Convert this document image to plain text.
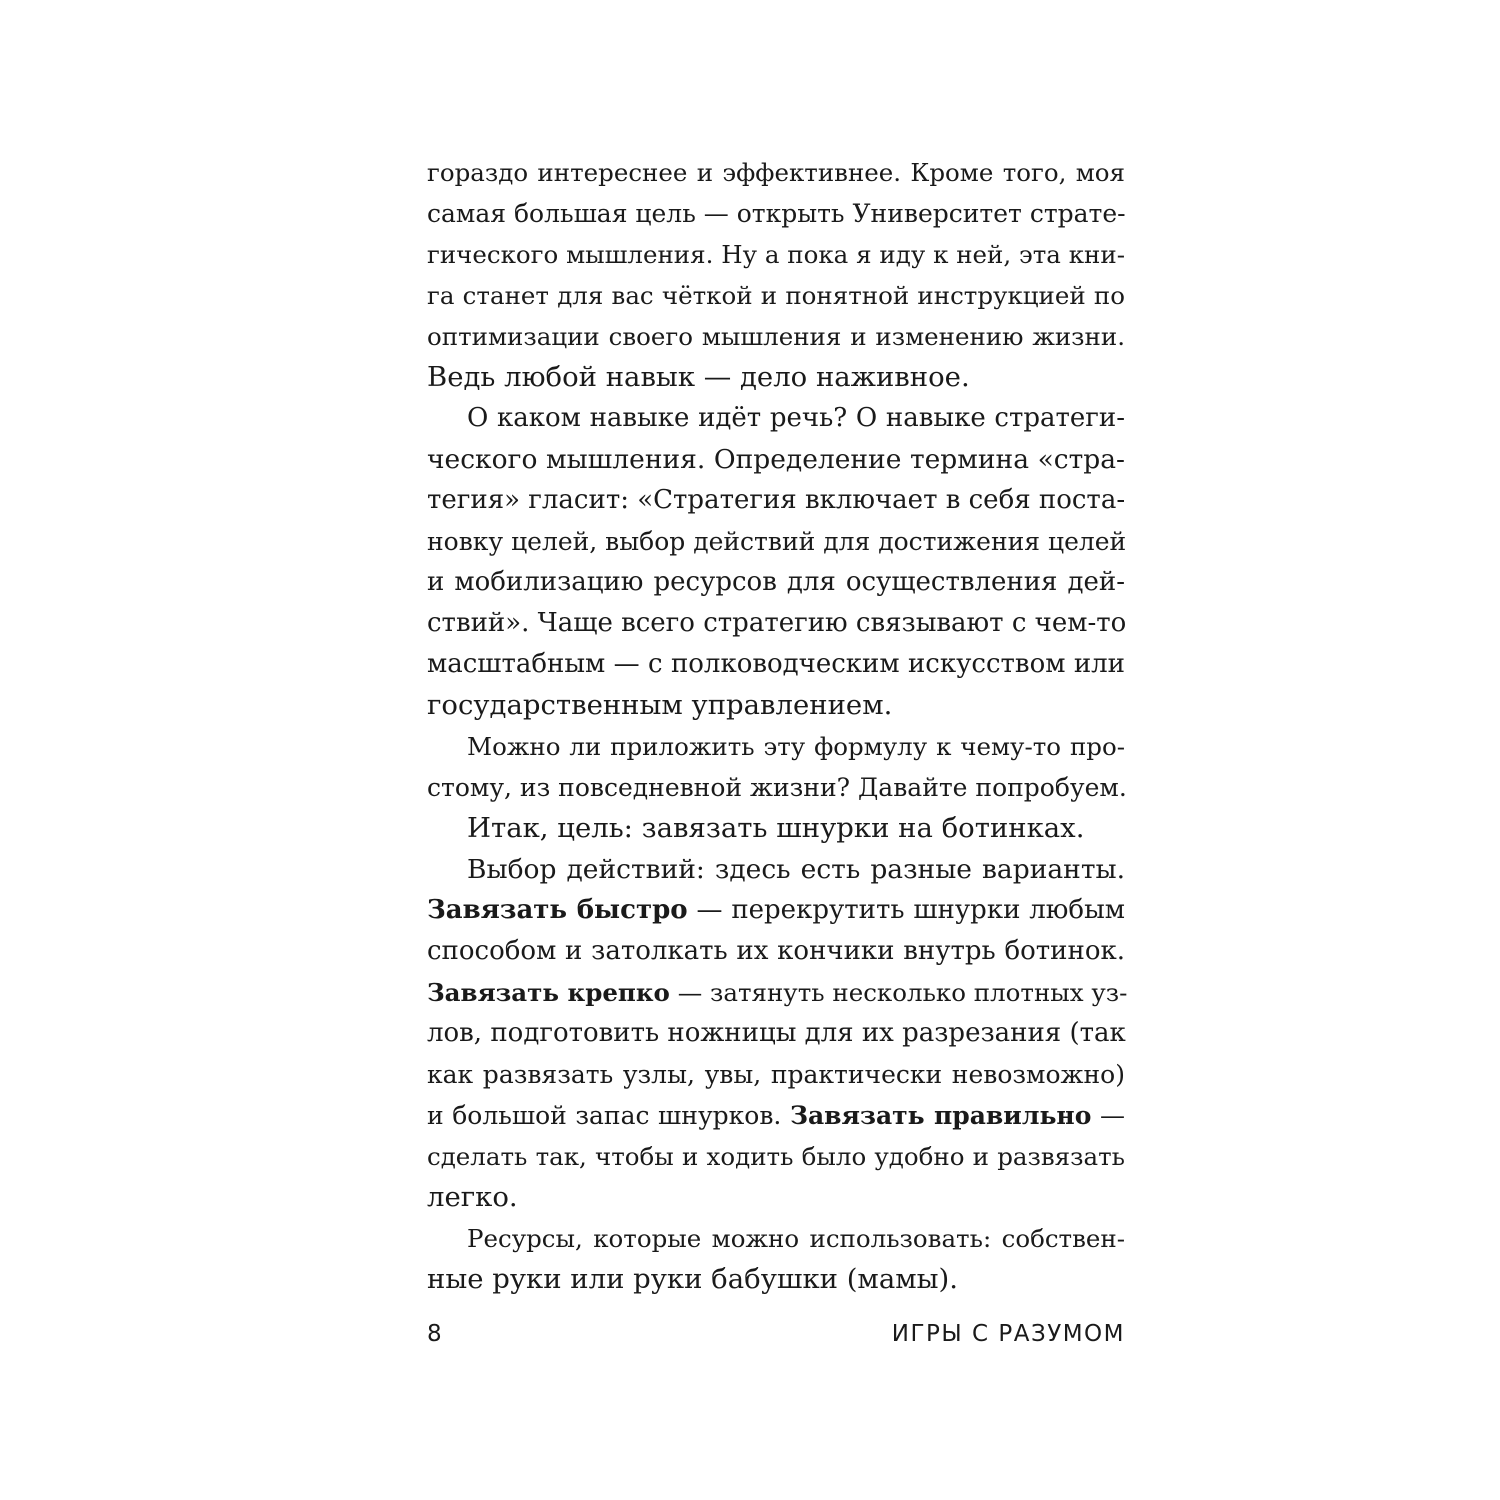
гораздо интереснее и эффективнее. Кроме того, моя
самая большая цель — открыть Университет страте-
гического мышления. Ну а пока я иду к ней, эта кни-
га станет для вас чёткой и понятной инструкцией по
оптимизации своего мышления и изменению жизни.
Ведь любой навык — дело наживное.
О каком навыке идёт речь? О навыке стратеги-
ческого мышления. Определение термина «стра-
тегия» гласит: «Стратегия включает в себя поста-
новку целей, выбор действий для достижения целей
и мобилизацию ресурсов для осуществления дей-
ствий». Чаще всего стратегию связывают с чем-то
масштабным — с полководческим искусством или
государственным управлением.
Можно ли приложить эту формулу к чему-то про-
стому, из повседневной жизни? Давайте попробуем.
Итак, цель: завязать шнурки на ботинках.
Выбор действий: здесь есть разные варианты.
Завязать быстро — перекрутить шнурки любым
способом и затолкать их кончики внутрь ботинок.
Завязать крепко — затянуть несколько плотных уз-
лов, подготовить ножницы для их разрезания (так
как развязать узлы, увы, практически невозможно)
и большой запас шнурков. Завязать правильно —
сделать так, чтобы и ходить было удобно и развязать
легко.
Ресурсы, которые можно использовать: собствен-
ные руки или руки бабушки (мамы).
8	ИГРЫ С РАЗУМОМ
